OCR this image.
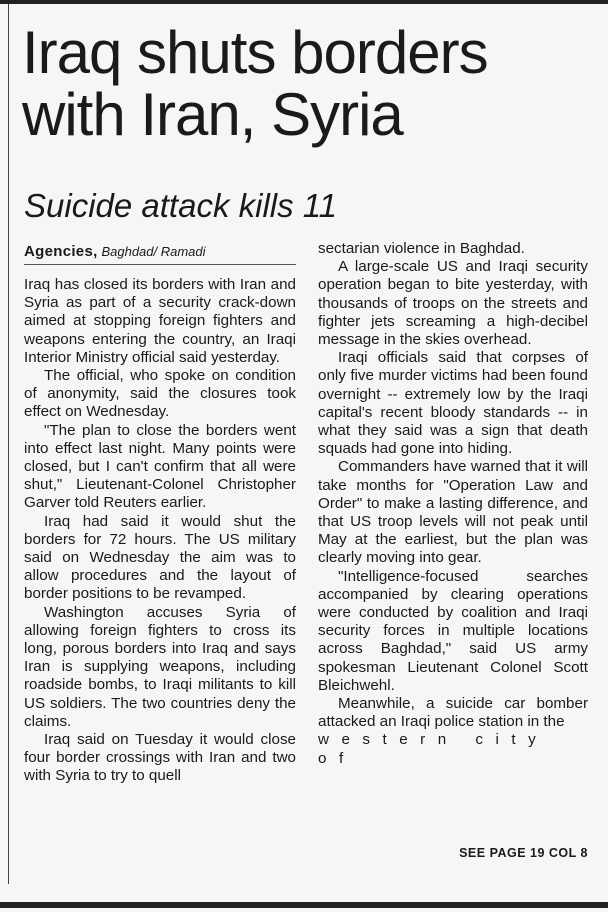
Iraq shuts borders
with Iran, Syria
Suicide attack kills 11
Agencies, Baghdad/ Ramadi

Iraq has closed its borders with Iran and Syria as part of a security crack-down aimed at stopping foreign fighters and weapons entering the country, an Iraqi Interior Ministry official said yesterday.

The official, who spoke on condition of anonymity, said the closures took effect on Wednesday.

"The plan to close the borders went into effect last night. Many points were closed, but I can't confirm that all were shut," Lieutenant-Colonel Christopher Garver told Reuters earlier.

Iraq had said it would shut the borders for 72 hours. The US military said on Wednesday the aim was to allow procedures and the layout of border positions to be revamped.

Washington accuses Syria of allowing foreign fighters to cross its long, porous borders into Iraq and says Iran is supplying weapons, including roadside bombs, to Iraqi militants to kill US soldiers. The two countries deny the claims.

Iraq said on Tuesday it would close four border crossings with Iran and two with Syria to try to quell

sectarian violence in Baghdad.

A large-scale US and Iraqi security operation began to bite yesterday, with thousands of troops on the streets and fighter jets screaming a high-decibel message in the skies overhead.

Iraqi officials said that corpses of only five murder victims had been found overnight -- extremely low by the Iraqi capital's recent bloody standards -- in what they said was a sign that death squads had gone into hiding.

Commanders have warned that it will take months for "Operation Law and Order" to make a lasting difference, and that US troop levels will not peak until May at the earliest, but the plan was clearly moving into gear.

"Intelligence-focused searches accompanied by clearing operations were conducted by coalition and Iraqi security forces in multiple locations across Baghdad," said US army spokesman Lieutenant Colonel Scott Bleichwehl.

Meanwhile, a suicide car bomber attacked an Iraqi police station in the

western city of

SEE PAGE 19 COL 8
